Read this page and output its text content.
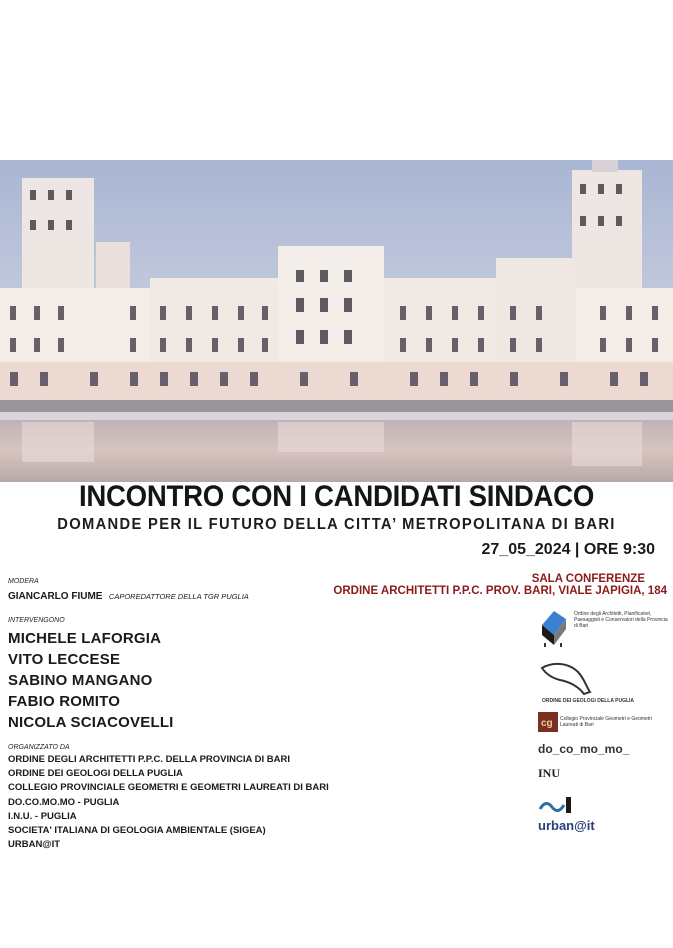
INCONTRO CON I CANDIDATI SINDACO
DOMANDE PER IL FUTURO DELLA CITTA’ METROPOLITANA DI BARI
27_05_2024 | ORE 9:30
SALA CONFERENZE
ORDINE ARCHITETTI P.P.C. PROV. BARI, VIALE JAPIGIA, 184
MODERA
GIANCARLO FIUME CAPOREDATTORE DELLA TGR PUGLIA
INTERVENGONO
MICHELE LAFORGIA
VITO LECCESE
SABINO MANGANO
FABIO ROMITO
NICOLA SCIACOVELLI
ORGANIZZATO DA
ORDINE DEGLI ARCHITETTI P.P.C. DELLA PROVINCIA DI BARI
ORDINE DEI GEOLOGI DELLA PUGLIA
COLLEGIO PROVINCIALE GEOMETRI E GEOMETRI LAUREATI DI BARI
DO.CO.MO.MO - PUGLIA
I.N.U. - PUGLIA
SOCIETA' ITALIANA DI GEOLOGIA AMBIENTALE (SIGEA)
URBAN@IT
Ordine degli Architetti, Pianificatori, Paesaggisti e Conservatori della Provincia di Bari
ORDINE DEI GEOLOGI DELLA PUGLIA
cg Collegio Provinciale Geometri e Geometri Laureati di Bari
do_co_mo_mo_
INU
urban@it
